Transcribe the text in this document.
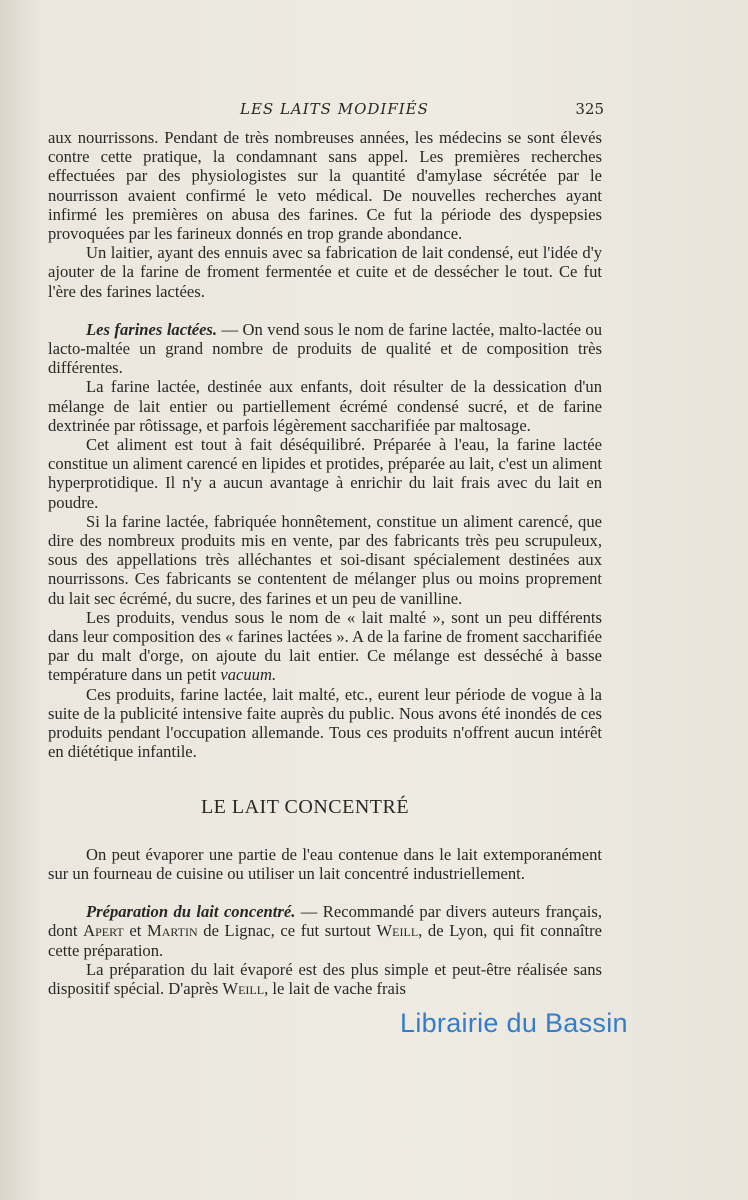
LES LAITS MODIFIÉS	325

aux nourrissons. Pendant de très nombreuses années, les médecins se sont élevés contre cette pratique, la condamnant sans appel. Les premières recherches effectuées par des physiologistes sur la quantité d'amylase sécrétée par le nourrisson avaient confirmé le veto médical. De nouvelles recherches ayant infirmé les premières on abusa des farines. Ce fut la période des dyspepsies provoquées par les farineux donnés en trop grande abondance.

Un laitier, ayant des ennuis avec sa fabrication de lait condensé, eut l'idée d'y ajouter de la farine de froment fermentée et cuite et de dessécher le tout. Ce fut l'ère des farines lactées.

Les farines lactées. — On vend sous le nom de farine lactée, malto-lactée ou lacto-maltée un grand nombre de produits de qualité et de composition très différentes.

La farine lactée, destinée aux enfants, doit résulter de la dessication d'un mélange de lait entier ou partiellement écrémé condensé sucré, et de farine dextrinée par rôtissage, et parfois légèrement saccharifiée par maltosage.

Cet aliment est tout à fait déséquilibré. Préparée à l'eau, la farine lactée constitue un aliment carencé en lipides et protides, préparée au lait, c'est un aliment hyperprotidique. Il n'y a aucun avantage à enrichir du lait frais avec du lait en poudre.

Si la farine lactée, fabriquée honnêtement, constitue un aliment carencé, que dire des nombreux produits mis en vente, par des fabricants très peu scrupuleux, sous des appellations très alléchantes et soi-disant spécialement destinées aux nourrissons. Ces fabricants se contentent de mélanger plus ou moins proprement du lait sec écrémé, du sucre, des farines et un peu de vanilline.

Les produits, vendus sous le nom de « lait malté », sont un peu différents dans leur composition des « farines lactées ». A de la farine de froment saccharifiée par du malt d'orge, on ajoute du lait entier. Ce mélange est desséché à basse température dans un petit vacuum.

Ces produits, farine lactée, lait malté, etc., eurent leur période de vogue à la suite de la publicité intensive faite auprès du public. Nous avons été inondés de ces produits pendant l'occupation allemande. Tous ces produits n'offrent aucun intérêt en diététique infantile.

LE LAIT CONCENTRÉ

On peut évaporer une partie de l'eau contenue dans le lait extemporanément sur un fourneau de cuisine ou utiliser un lait concentré industriellement.

Préparation du lait concentré. — Recommandé par divers auteurs français, dont Apert et Martin de Lignac, ce fut surtout Weill, de Lyon, qui fit connaître cette préparation.

La préparation du lait évaporé est des plus simple et peut-être réalisée sans dispositif spécial. D'après Weill, le lait de vache frais

Librairie du Bassin
